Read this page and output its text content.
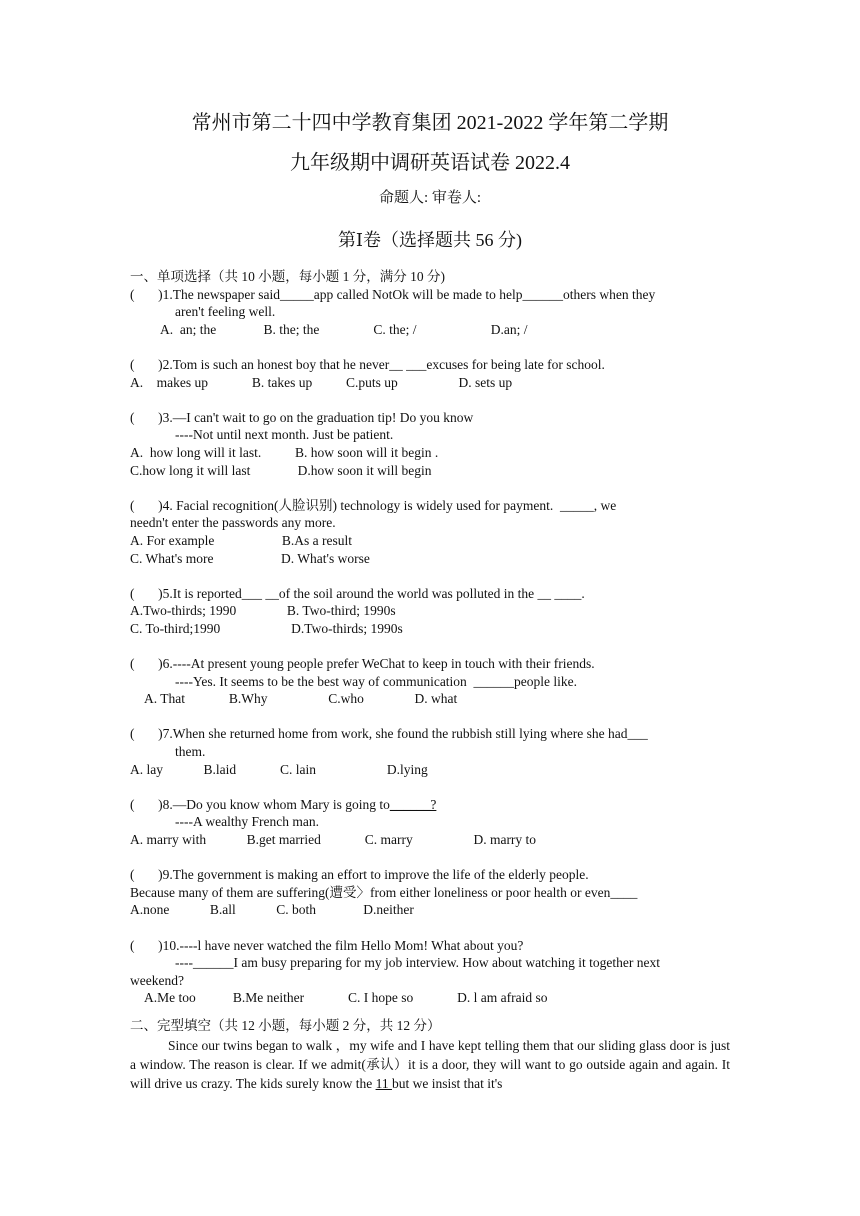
常州市第二十四中学教育集团 2021-2022 学年第二学期
九年级期中调研英语试卷 2022.4
命题人: 审卷人:
第Ⅰ卷（选择题共 56 分)
一、单项选择（共 10 小题，每小题 1 分，满分 10 分)
(       )1.The newspaper said_____app called NotOk will be made to help______others when they
aren't feeling well.
A.  an; the              B. the; the                C. the; /                      D.an; /
(       )2.Tom is such an honest boy that he never__ ___excuses for being late for school.
A.    makes up             B. takes up          C.puts up                  D. sets up
(       )3.—I can't wait to go on the graduation tip! Do you know
----Not until next month. Just be patient.
A.  how long will it last.          B. how soon will it begin .
C.how long it will last              D.how soon it will begin
(       )4. Facial recognition(人脸识别) technology is widely used for payment.  _____, we
needn't enter the passwords any more.
A. For example                    B.As a result
C. What's more                    D. What's worse
(       )5.It is reported___ __of the soil around the world was polluted in the __ ____.
A.Two-thirds; 1990               B. Two-third; 1990s
C. To-third;1990                     D.Two-thirds; 1990s
(       )6.----At present young people prefer WeChat to keep in touch with their friends.
----Yes. It seems to be the best way of communication  ______people like.
A. That             B.Why                  C.who               D. what
(       )7.When she returned home from work, she found the rubbish still lying where she had___
them.
A. lay            B.laid             C. lain                     D.lying
(       )8.—Do you know whom Mary is going to______?
----A wealthy French man.
A. marry with            B.get married             C. marry                  D. marry to
(       )9.The government is making an effort to improve the life of the elderly people.
Because many of them are suffering(遭受〉from either loneliness or poor health or even____
A.none            B.all            C. both              D.neither
(       )10.----l have never watched the film Hello Mom! What about you?
----______I am busy preparing for my job interview. How about watching it together next
weekend?
A.Me too           B.Me neither             C. I hope so             D. l am afraid so
二、完型填空（共 12 小题，每小题 2 分，共 12 分）
Since our twins began to walk ，my wife and I have kept telling them that our sliding glass door is just a window. The reason is clear. If we admit(承认）it is a door, they will want to go outside again and again. It will drive us crazy. The kids surely know the 11 but we insist that it's
